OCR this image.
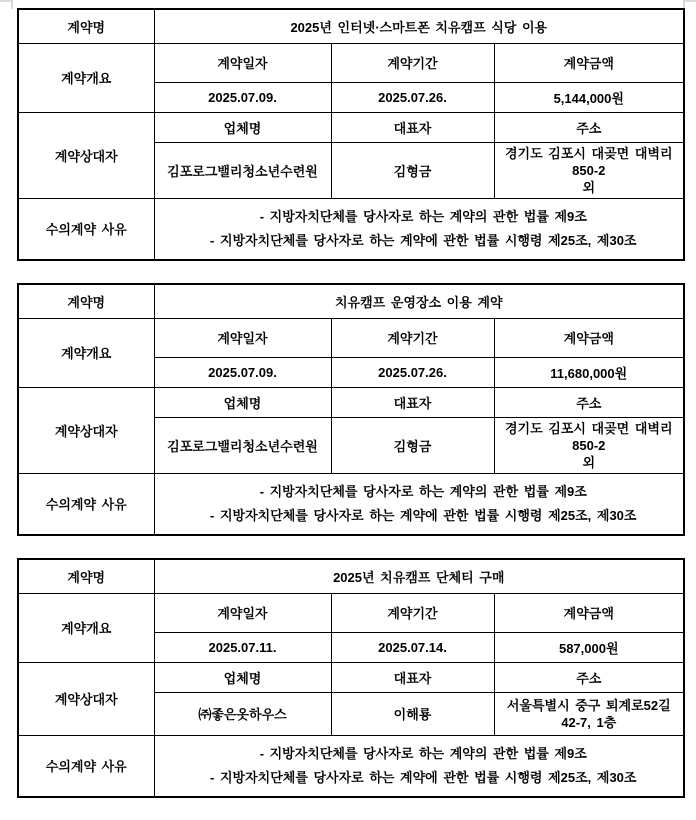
계약명	2025년 인터넷·스마트폰 치유캠프 식당 이용		
계약개요	계약일자	계약기간	계약금액
	2025.07.09.	2025.07.26.	5,144,000원
계약상대자	업체명	대표자	주소
	김포로그밸리청소년수련원	김형금	경기도 김포시 대곶면 대벽리 850-2
외

수의계약 사유	- 지방자치단체를 당사자로 하는 계약의 관한 법률 제9조
- 지방자치단체를 당사자로 하는 계약에 관한 법률 시행령 제25조, 제30조		
계약명	치유캠프 운영장소 이용 계약		
계약개요	계약일자	계약기간	계약금액
	2025.07.09.	2025.07.26.	11,680,000원
계약상대자	업체명	대표자	주소
	김포로그밸리청소년수련원	김형금	경기도 김포시 대곶면 대벽리 850-2
외

수의계약 사유	- 지방자치단체를 당사자로 하는 계약의 관한 법률 제9조
- 지방자치단체를 당사자로 하는 계약에 관한 법률 시행령 제25조, 제30조		
계약명	2025년 치유캠프 단체티 구매		
계약개요	계약일자	계약기간	계약금액
	2025.07.11.	2025.07.14.	587,000원
계약상대자	업체명	대표자	주소
	㈜좋은옷하우스	이해룡	서울특별시 중구 퇴계로52길 42-7, 1층

수의계약 사유	- 지방자치단체를 당사자로 하는 계약의 관한 법률 제9조
- 지방자치단체를 당사자로 하는 계약에 관한 법률 시행령 제25조, 제30조		
